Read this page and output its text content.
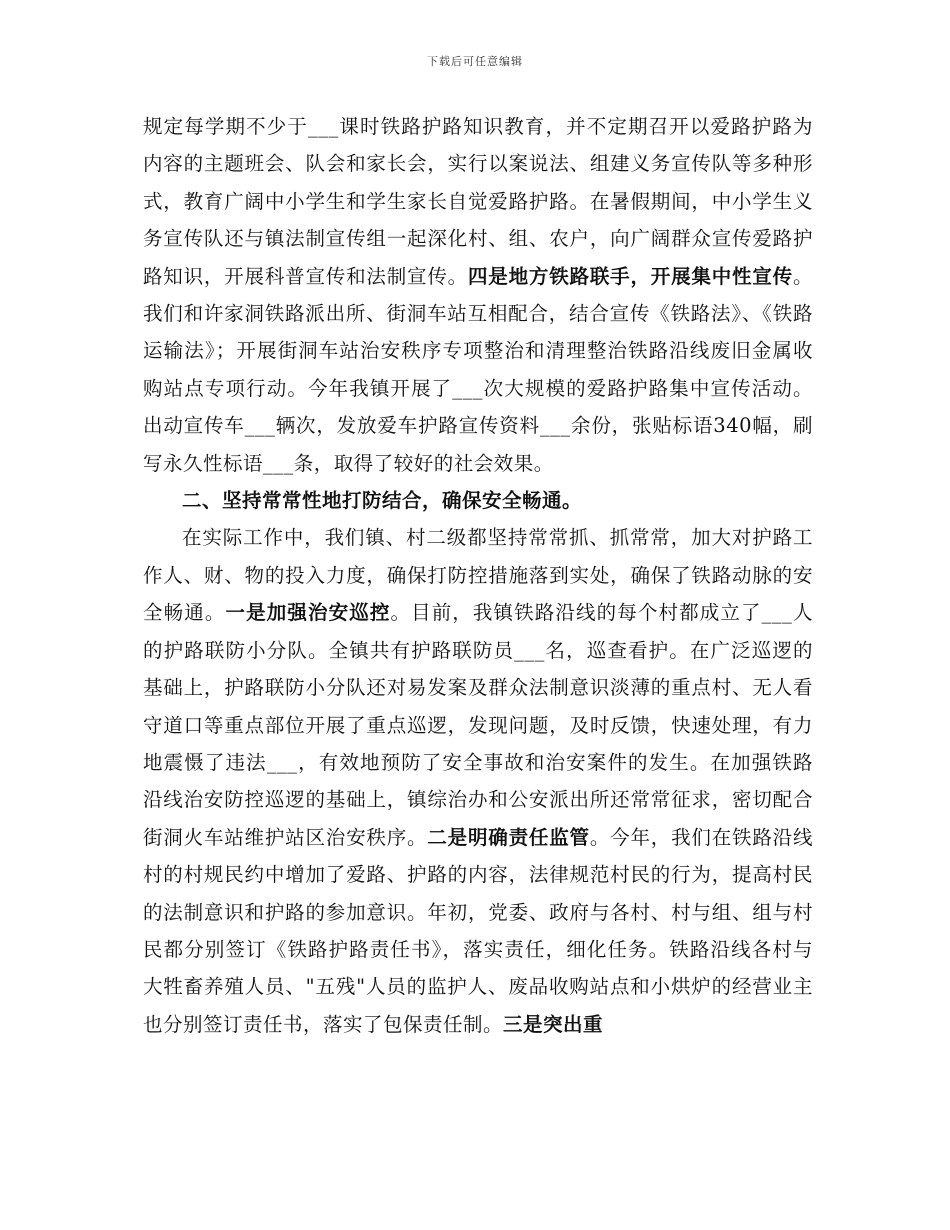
下载后可任意编辑

规定每学期不少于___课时铁路护路知识教育，并不定期召开以爱路护路为内容的主题班会、队会和家长会，实行以案说法、组建义务宣传队等多种形式，教育广阔中小学生和学生家长自觉爱路护路。在暑假期间，中小学生义务宣传队还与镇法制宣传组一起深化村、组、农户，向广阔群众宣传爱路护路知识，开展科普宣传和法制宣传。四是地方铁路联手，开展集中性宣传。我们和许家洞铁路派出所、街洞车站互相配合，结合宣传《铁路法》、《铁路运输法》；开展街洞车站治安秩序专项整治和清理整治铁路沿线废旧金属收购站点专项行动。今年我镇开展了___次大规模的爱路护路集中宣传活动。出动宣传车___辆次，发放爱车护路宣传资料___余份，张贴标语340幅，刷写永久性标语___条，取得了较好的社会效果。

二、坚持常常性地打防结合，确保安全畅通。

在实际工作中，我们镇、村二级都坚持常常抓、抓常常，加大对护路工作人、财、物的投入力度，确保打防控措施落到实处，确保了铁路动脉的安全畅通。一是加强治安巡控。目前，我镇铁路沿线的每个村都成立了___人的护路联防小分队。全镇共有护路联防员___名，巡查看护。在广泛巡逻的基础上，护路联防小分队还对易发案及群众法制意识淡薄的重点村、无人看守道口等重点部位开展了重点巡逻，发现问题，及时反馈，快速处理，有力地震慑了违法___，有效地预防了安全事故和治安案件的发生。在加强铁路沿线治安防控巡逻的基础上，镇综治办和公安派出所还常常征求，密切配合街洞火车站维护站区治安秩序。二是明确责任监管。今年，我们在铁路沿线村的村规民约中增加了爱路、护路的内容，法律规范村民的行为，提高村民的法制意识和护路的参加意识。年初，党委、政府与各村、村与组、组与村民都分别签订《铁路护路责任书》，落实责任，细化任务。铁路沿线各村与大牲畜养殖人员、"五残"人员的监护人、废品收购站点和小烘炉的经营业主也分别签订责任书，落实了包保责任制。三是突出重
